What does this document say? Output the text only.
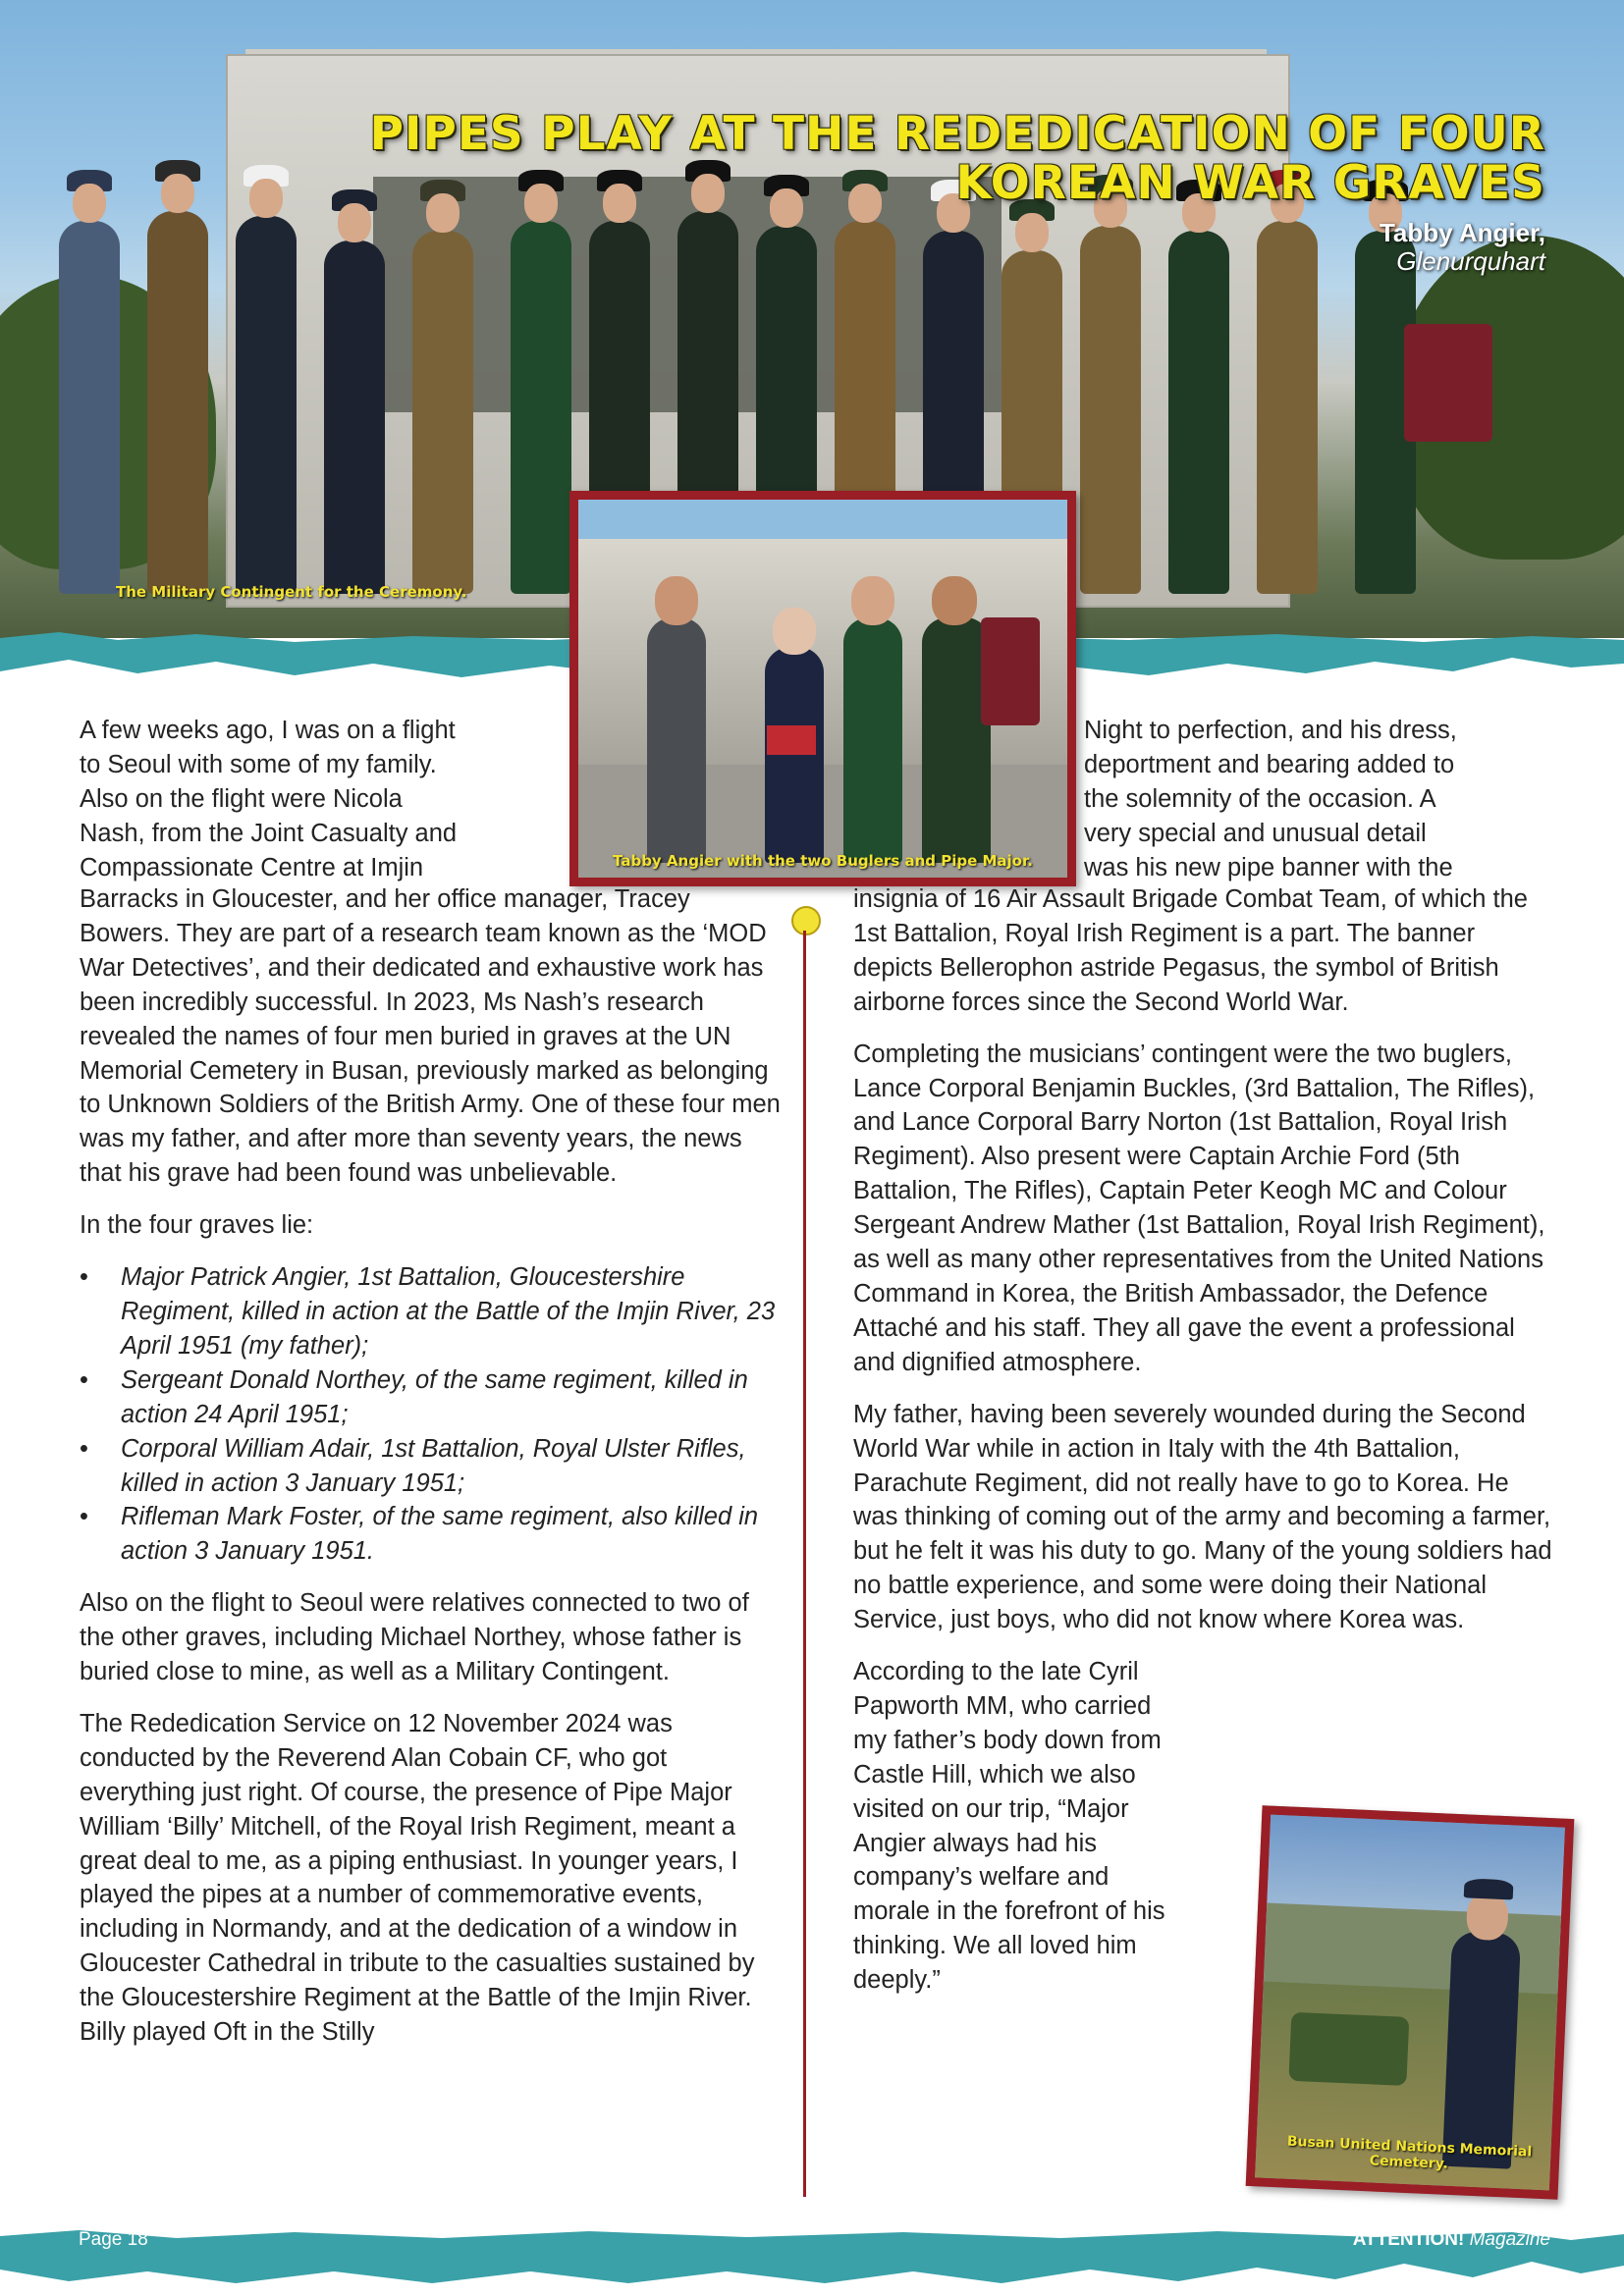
The Military Contingent for the Ceremony.
PIPES PLAY AT THE REDEDICATION OF FOUR KOREAN WAR GRAVES
Tabby Angier,
Glenurquhart
Tabby Angier with the two Buglers and Pipe Major.
A few weeks ago, I was on a flight
to Seoul with some of my family.
Also on the flight were Nicola
Nash, from the Joint Casualty and
Compassionate Centre at Imjin

Barracks in Gloucester, and her office manager, Tracey Bowers. They are part of a research team known as the ‘MOD War Detectives’, and their dedicated and exhaustive work has been incredibly successful. In 2023, Ms Nash’s research revealed the names of four men buried in graves at the UN Memorial Cemetery in Busan, previously marked as belonging to Unknown Soldiers of the British Army. One of these four men was my father, and after more than seventy years, the news that his grave had been found was unbelievable.

In the four graves lie:

• Major Patrick Angier, 1st Battalion, Gloucestershire Regiment, killed in action at the Battle of the Imjin River, 23 April 1951 (my father);
• Sergeant Donald Northey, of the same regiment, killed in action 24 April 1951;
• Corporal William Adair, 1st Battalion, Royal Ulster Rifles, killed in action 3 January 1951;
• Rifleman Mark Foster, of the same regiment, also killed in action 3 January 1951.

Also on the flight to Seoul were relatives connected to two of the other graves, including Michael Northey, whose father is buried close to mine, as well as a Military Contingent.

The Rededication Service on 12 November 2024 was conducted by the Reverend Alan Cobain CF, who got everything just right. Of course, the presence of Pipe Major William ‘Billy’ Mitchell, of the Royal Irish Regiment, meant a great deal to me, as a piping enthusiast. In younger years, I played the pipes at a number of commemorative events, including in Normandy, and at the dedication of a window in Gloucester Cathedral in tribute to the casualties sustained by the Gloucestershire Regiment at the Battle of the Imjin River. Billy played Oft in the Stilly

Night to perfection, and his dress,
deportment and bearing added to
the solemnity of the occasion. A
very special and unusual detail
was his new pipe banner with the

insignia of 16 Air Assault Brigade Combat Team, of which the 1st Battalion, Royal Irish Regiment is a part. The banner depicts Bellerophon astride Pegasus, the symbol of British airborne forces since the Second World War.

Completing the musicians’ contingent were the two buglers, Lance Corporal Benjamin Buckles, (3rd Battalion, The Rifles), and Lance Corporal Barry Norton (1st Battalion, Royal Irish Regiment). Also present were Captain Archie Ford (5th Battalion, The Rifles), Captain Peter Keogh MC and Colour Sergeant Andrew Mather (1st Battalion, Royal Irish Regiment), as well as many other representatives from the United Nations Command in Korea, the British Ambassador, the Defence Attaché and his staff. They all gave the event a professional and dignified atmosphere.

My father, having been severely wounded during the Second World War while in action in Italy with the 4th Battalion, Parachute Regiment, did not really have to go to Korea. He was thinking of coming out of the army and becoming a farmer, but he felt it was his duty to go. Many of the young soldiers had no battle experience, and some were doing their National Service, just boys, who did not know where Korea was.

According to the late Cyril Papworth MM, who carried my father’s body down from Castle Hill, which we also visited on our trip, “Major Angier always had his company’s welfare and morale in the forefront of his thinking. We all loved him deeply.”

Busan United Nations Memorial Cemetery.
Page 18	ATTENTION! Magazine
